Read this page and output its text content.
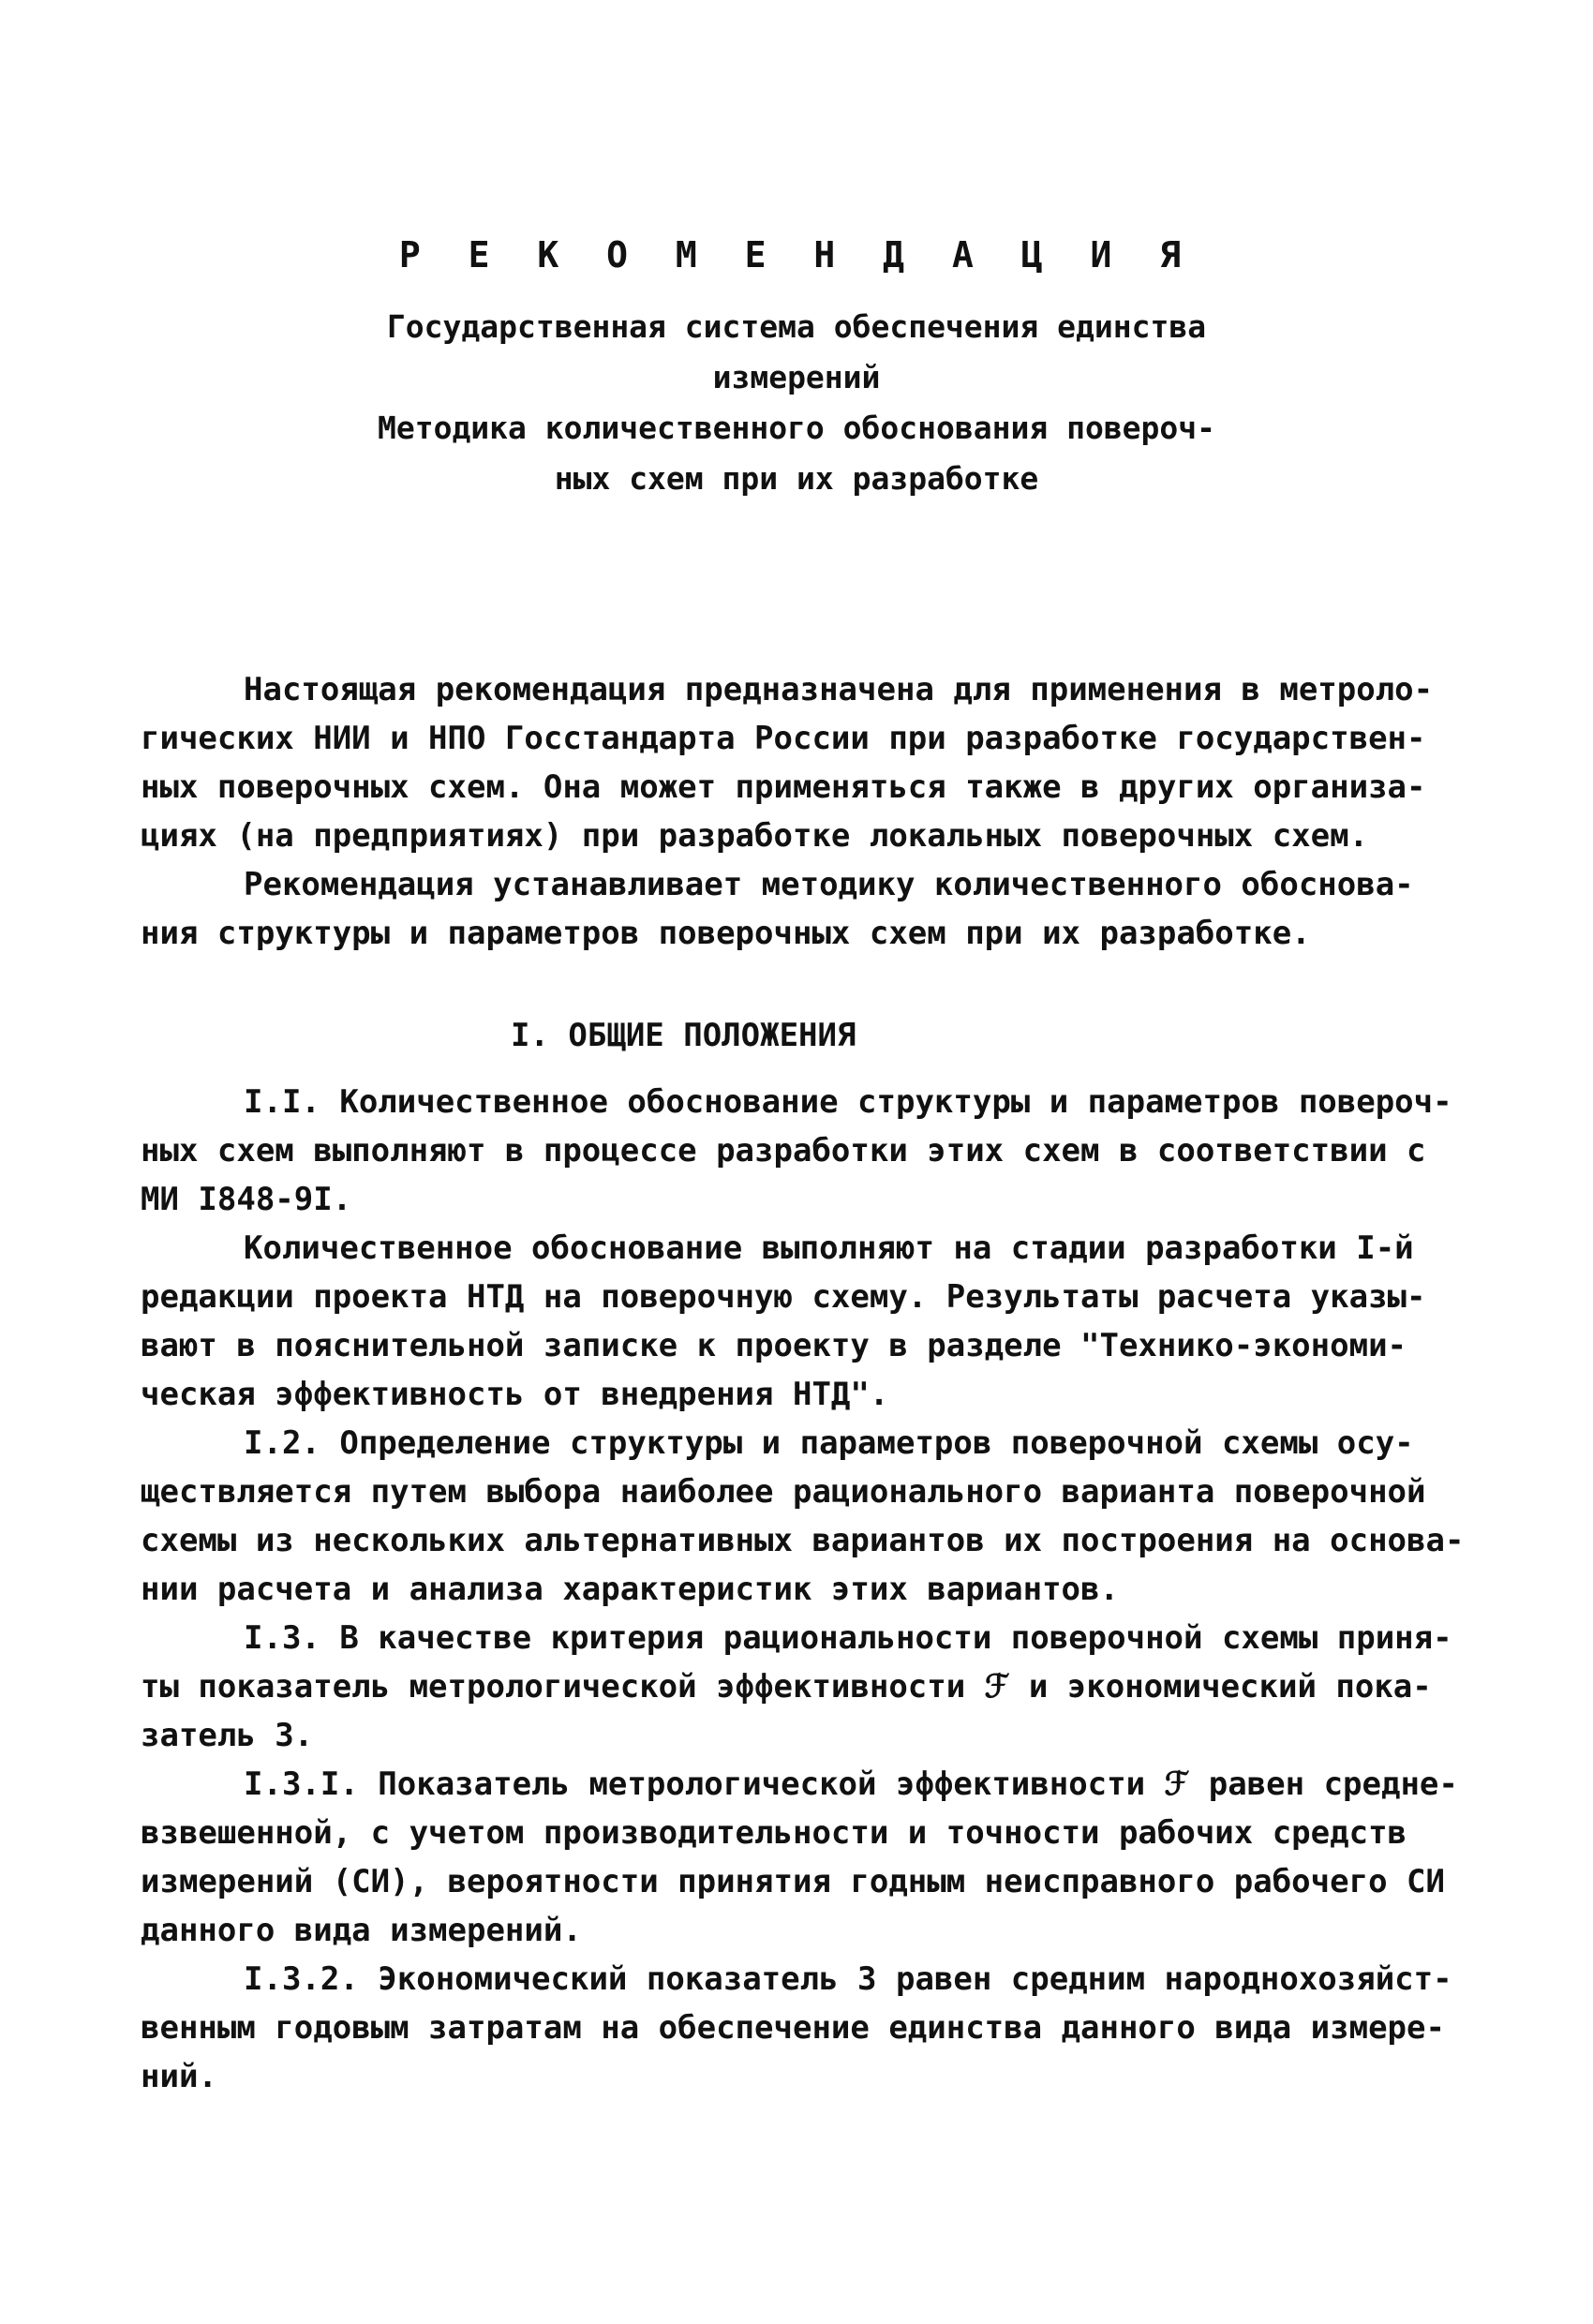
Р Е К О М Е Н Д А Ц И Я
Государственная система обеспечения единства
измерений
Методика количественного обоснования повероч-
ных схем при их разработке
Настоящая рекомендация предназначена для применения в метроло-
гических НИИ и НПО Госстандарта России при разработке государствен-
ных поверочных схем. Она может применяться также в других организа-
циях (на предприятиях) при разработке локальных поверочных схем.
Рекомендация устанавливает методику количественного обоснова-
ния структуры и параметров поверочных схем при их разработке.
I. ОБЩИЕ ПОЛОЖЕНИЯ
I.I. Количественное обоснование структуры и параметров повероч-
ных схем выполняют в процессе разработки этих схем в соответствии с
МИ I848-9I.
Количественное обоснование выполняют на стадии разработки I-й
редакции проекта НТД на поверочную схему. Результаты расчета указы-
вают в пояснительной записке к проекту в разделе "Технико-экономи-
ческая эффективность от внедрения НТД".
I.2. Определение структуры и параметров поверочной схемы осу-
ществляется путем выбора наиболее рационального варианта поверочной
схемы из нескольких альтернативных вариантов их построения на основа-
нии расчета и анализа характеристик этих вариантов.
I.3. В качестве критерия рациональности поверочной схемы приня-
ты показатель метрологической эффективности ℱ и экономический пока-
затель З.
I.3.I. Показатель метрологической эффективности ℱ равен средне-
взвешенной, с учетом производительности и точности рабочих средств
измерений (СИ), вероятности принятия годным неисправного рабочего СИ
данного вида измерений.
I.3.2. Экономический показатель З равен средним народнохозяйст-
венным годовым затратам на обеспечение единства данного вида измере-
ний.
